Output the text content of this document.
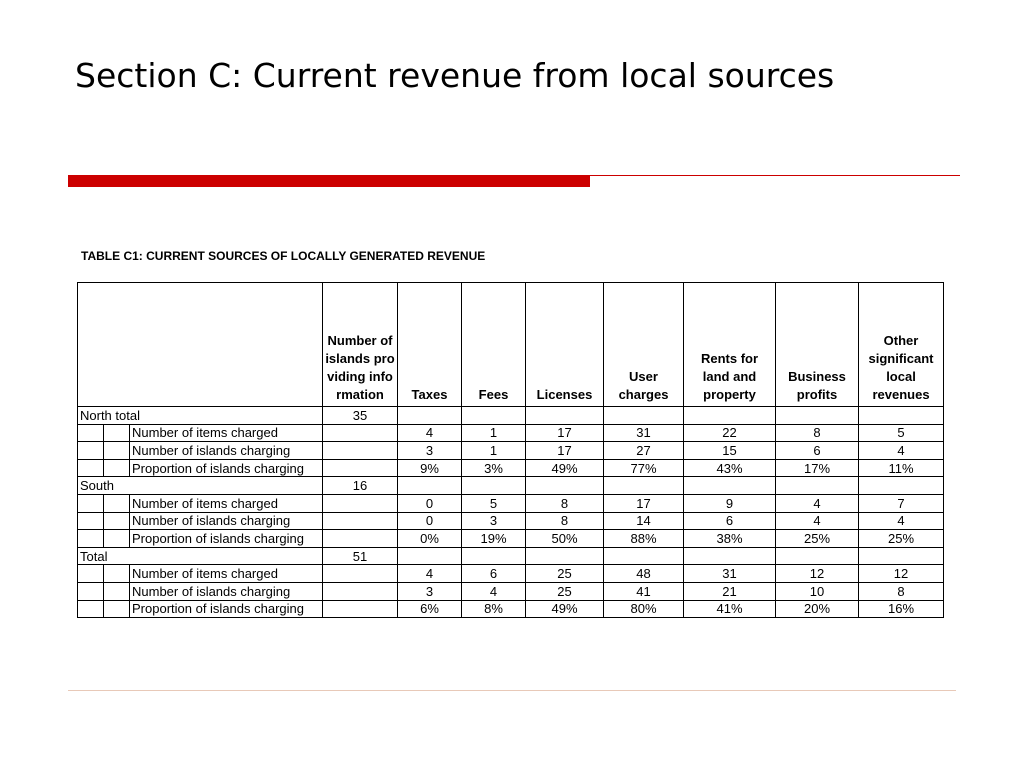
Section C: Current revenue from local sources

TABLE C1: CURRENT SOURCES OF LOCALLY GENERATED REVENUE

			Number of islands providing information	Taxes	Fees	Licenses	User charges	Rents for land and property	Business profits	Other significant local revenues
North total			35							
		Number of items charged		4	1	17	31	22	8	5
		Number of islands charging		3	1	17	27	15	6	4
		Proportion of islands charging		9%	3%	49%	77%	43%	17%	11%
South			16							
		Number of items charged		0	5	8	17	9	4	7
		Number of islands charging		0	3	8	14	6	4	4
		Proportion of islands charging		0%	19%	50%	88%	38%	25%	25%
Total			51							
		Number of items charged		4	6	25	48	31	12	12
		Number of islands charging		3	4	25	41	21	10	8
		Proportion of islands charging		6%	8%	49%	80%	41%	20%	16%
